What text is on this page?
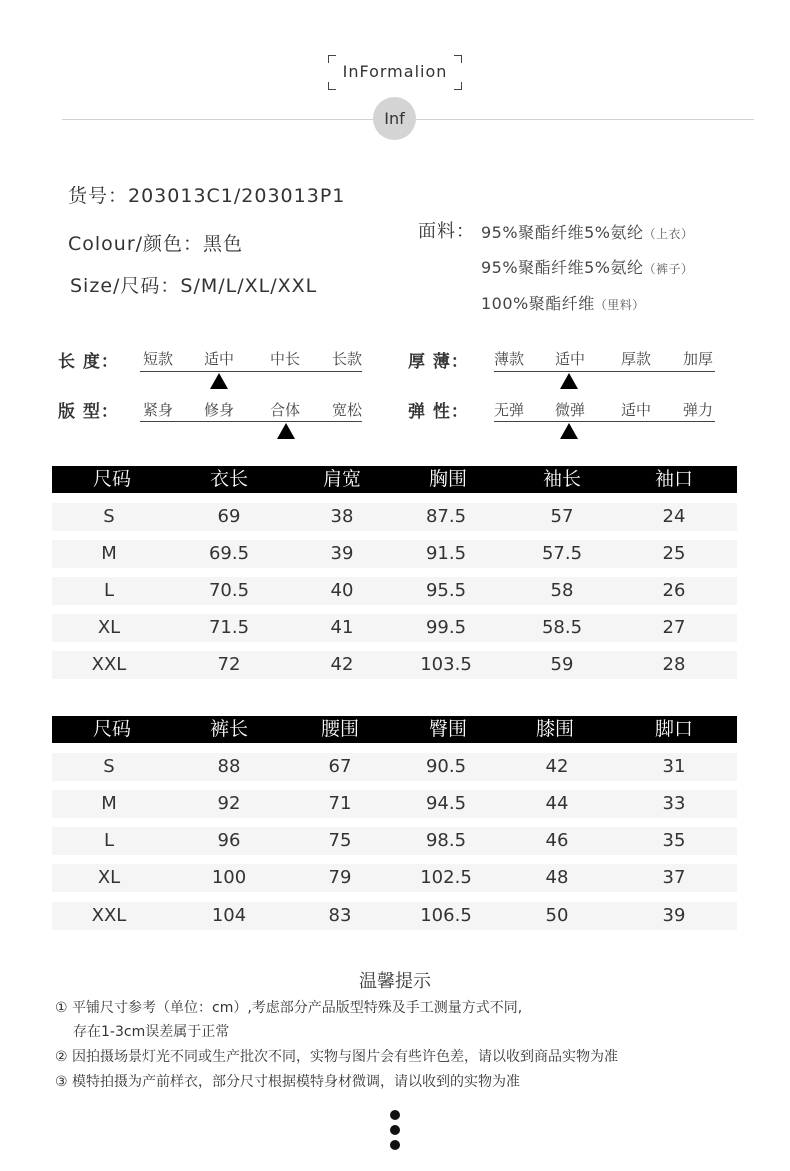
InFormalion
Inf
货号：203013C1/203013P1
Colour/颜色：黑色
Size/尺码：S/M/L/XL/XXL
面料： 95%聚酯纤维5%氨纶（上衣）
95%聚酯纤维5%氨纶（裤子）
100%聚酯纤维（里料）
长 度：	短款	适中	中长	长款
版 型：	紧身	修身	合体	宽松
厚 薄：	薄款	适中	厚款	加厚
弹 性：	无弹	微弹	适中	弹力
尺码	衣长	肩宽	胸围	袖长	袖口
S	69	38	87.5	57	24
M	69.5	39	91.5	57.5	25
L	70.5	40	95.5	58	26
XL	71.5	41	99.5	58.5	27
XXL	72	42	103.5	59	28
尺码	裤长	腰围	臀围	膝围	脚口
S	88	67	90.5	42	31
M	92	71	94.5	44	33
L	96	75	98.5	46	35
XL	100	79	102.5	48	37
XXL	104	83	106.5	50	39
温馨提示
① 平铺尺寸参考（单位：cm）,考虑部分产品版型特殊及手工测量方式不同,
存在1-3cm误差属于正常
② 因拍摄场景灯光不同或生产批次不同，实物与图片会有些许色差，请以收到商品实物为准
③ 模特拍摄为产前样衣，部分尺寸根据模特身材微调，请以收到的实物为准
